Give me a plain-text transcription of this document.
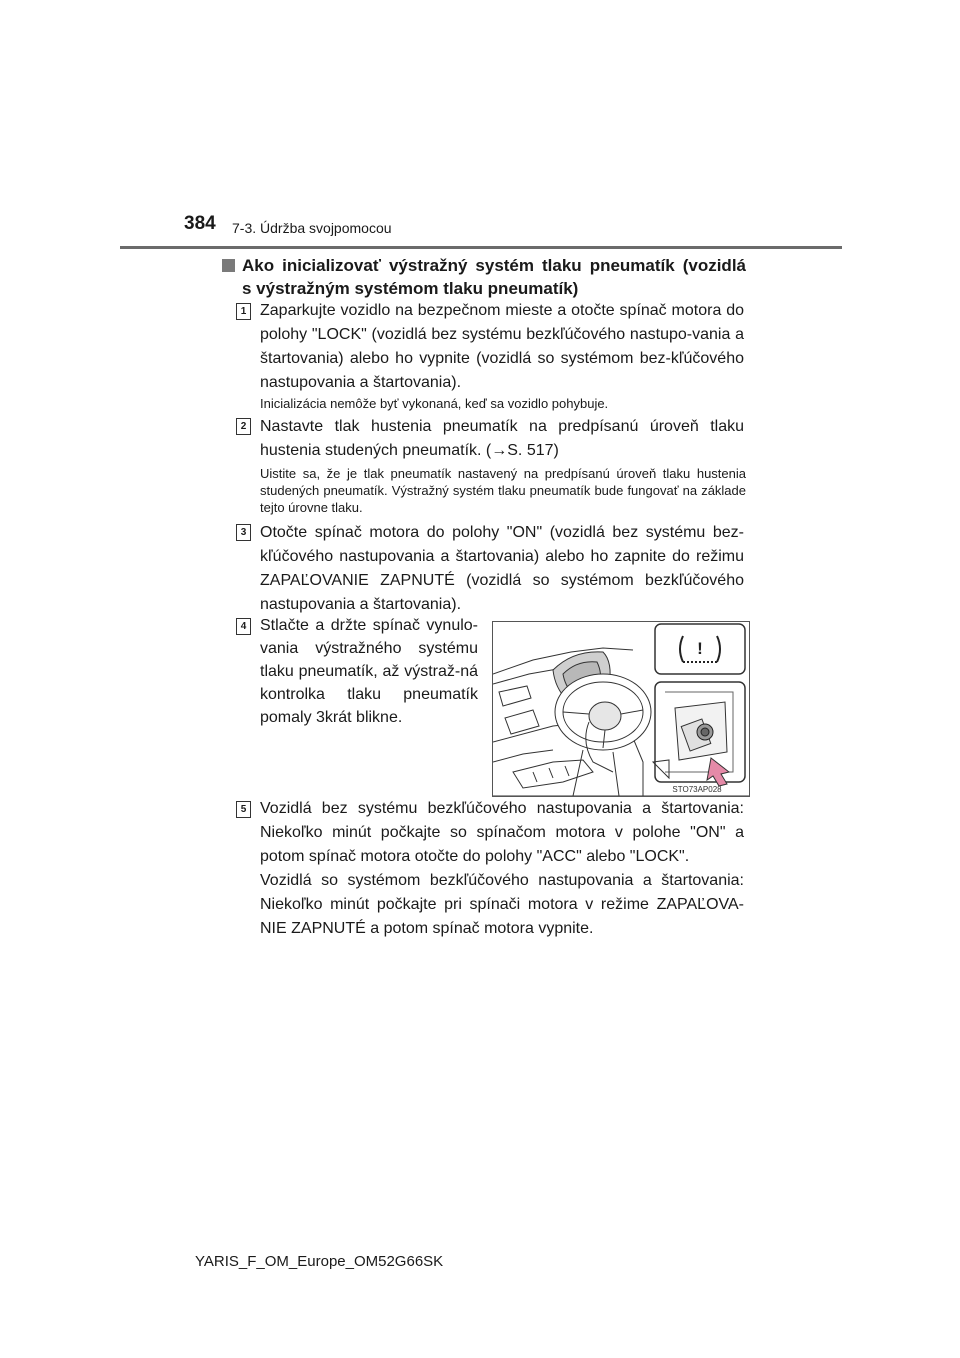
384 7-3. Údržba svojpomocou
Ako inicializovať výstražný systém tlaku pneumatík (vozidlá
s výstražným systémom tlaku pneumatík)
1 Zaparkujte vozidlo na bezpečnom mieste a otočte spínač motora do polohy "LOCK" (vozidlá bez systému bezkľúčového nastupo-vania a štartovania) alebo ho vypnite (vozidlá so systémom bez-kľúčového nastupovania a štartovania).
Inicializácia nemôže byť vykonaná, keď sa vozidlo pohybuje.
2 Nastavte tlak hustenia pneumatík na predpísanú úroveň tlaku hustenia studených pneumatík. (→S. 517)
Uistite sa, že je tlak pneumatík nastavený na predpísanú úroveň tlaku hustenia studených pneumatík. Výstražný systém tlaku pneumatík bude fungovať na základe tejto úrovne tlaku.
3 Otočte spínač motora do polohy "ON" (vozidlá bez systému bez-kľúčového nastupovania a štartovania) alebo ho zapnite do režimu ZAPAĽOVANIE ZAPNUTÉ (vozidlá so systémom bezkľúčového nastupovania a štartovania).
4 Stlačte a držte spínač vynulo-vania výstražného systému tlaku pneumatík, až výstraž-ná kontrolka tlaku pneumatík pomaly 3krát blikne.
!
STO73AP028
5 Vozidlá bez systému bezkľúčového nastupovania a štartovania: Niekoľko minút počkajte so spínačom motora v polohe "ON" a potom spínač motora otočte do polohy "ACC" alebo "LOCK".
Vozidlá so systémom bezkľúčového nastupovania a štartovania: Niekoľko minút počkajte pri spínači motora v režime ZAPAĽOVA-NIE ZAPNUTÉ a potom spínač motora vypnite.
YARIS_F_OM_Europe_OM52G66SK
